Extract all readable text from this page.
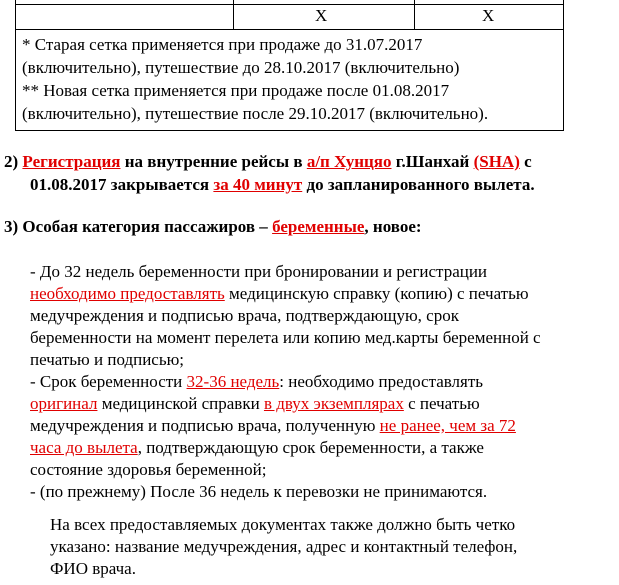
X	X
* Старая сетка применяется при продаже до 31.07.2017
(включительно), путешествие до 28.10.2017 (включительно)
** Новая сетка применяется при продаже после 01.08.2017
(включительно), путешествие после 29.10.2017 (включительно).
2) Регистрация на внутренние рейсы в а/п Хунцяо г.Шанхай (SHA) с
01.08.2017 закрывается за 40 минут до запланированного вылета.
3) Особая категория пассажиров – беременные, новое:
- До 32 недель беременности при бронировании и регистрации
необходимо предоставлять медицинскую справку (копию) с печатью
медучреждения и подписью врача, подтверждающую, срок
беременности на момент перелета или копию мед.карты беременной с
печатью и подписью;
- Срок беременности 32-36 недель: необходимо предоставлять
оригинал медицинской справки в двух экземплярах с печатью
медучреждения и подписью врача, полученную не ранее, чем за 72
часа до вылета, подтверждающую срок беременности, а также
состояние здоровья беременной;
- (по прежнему) После 36 недель к перевозки не принимаются.
На всех предоставляемых документах также должно быть четко
указано: название медучреждения, адрес и контактный телефон,
ФИО врача.
